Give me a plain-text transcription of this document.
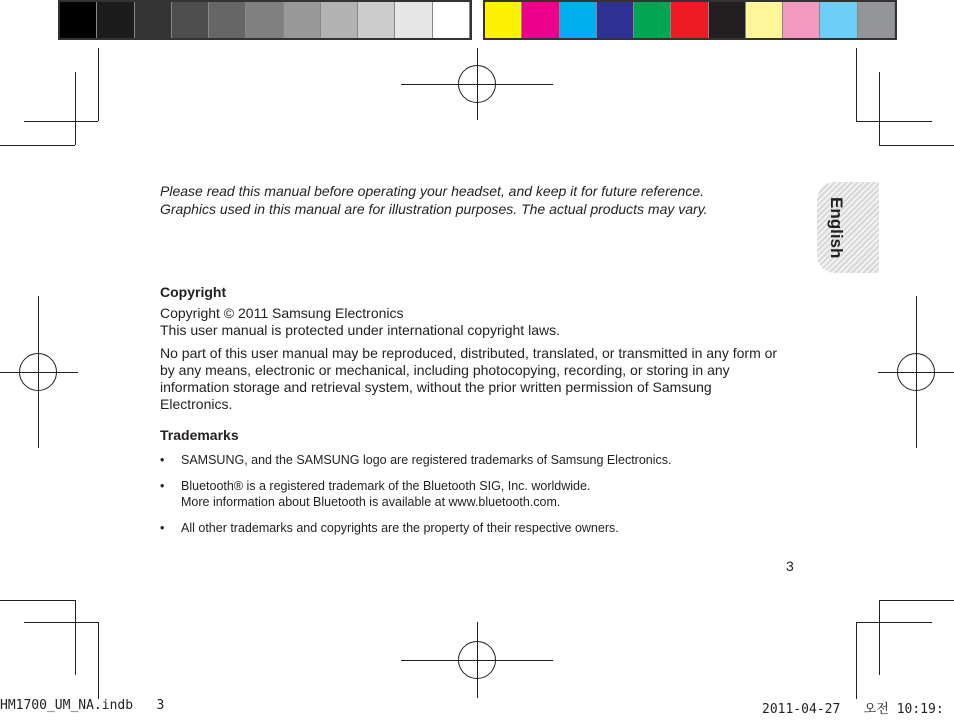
Please read this manual before operating your headset, and keep it for future reference.

Graphics used in this manual are for illustration purposes. The actual products may vary.	English
Copyright
Copyright © 2011 Samsung Electronics
This user manual is protected under international copyright laws.
No part of this user manual may be reproduced, distributed, translated, or transmitted in any form or by any means, electronic or mechanical, including photocopying, recording, or storing in any information storage and retrieval system, without the prior written permission of Samsung Electronics.
Trademarks
• SAMSUNG, and the SAMSUNG logo are registered trademarks of Samsung Electronics.
• Bluetooth® is a registered trademark of the Bluetooth SIG, Inc. worldwide.
More information about Bluetooth is available at www.bluetooth.com.
• All other trademarks and copyrights are the property of their respective owners.
3
HM1700_UM_NA.indb   3	2011-04-27   오전 10:19:
